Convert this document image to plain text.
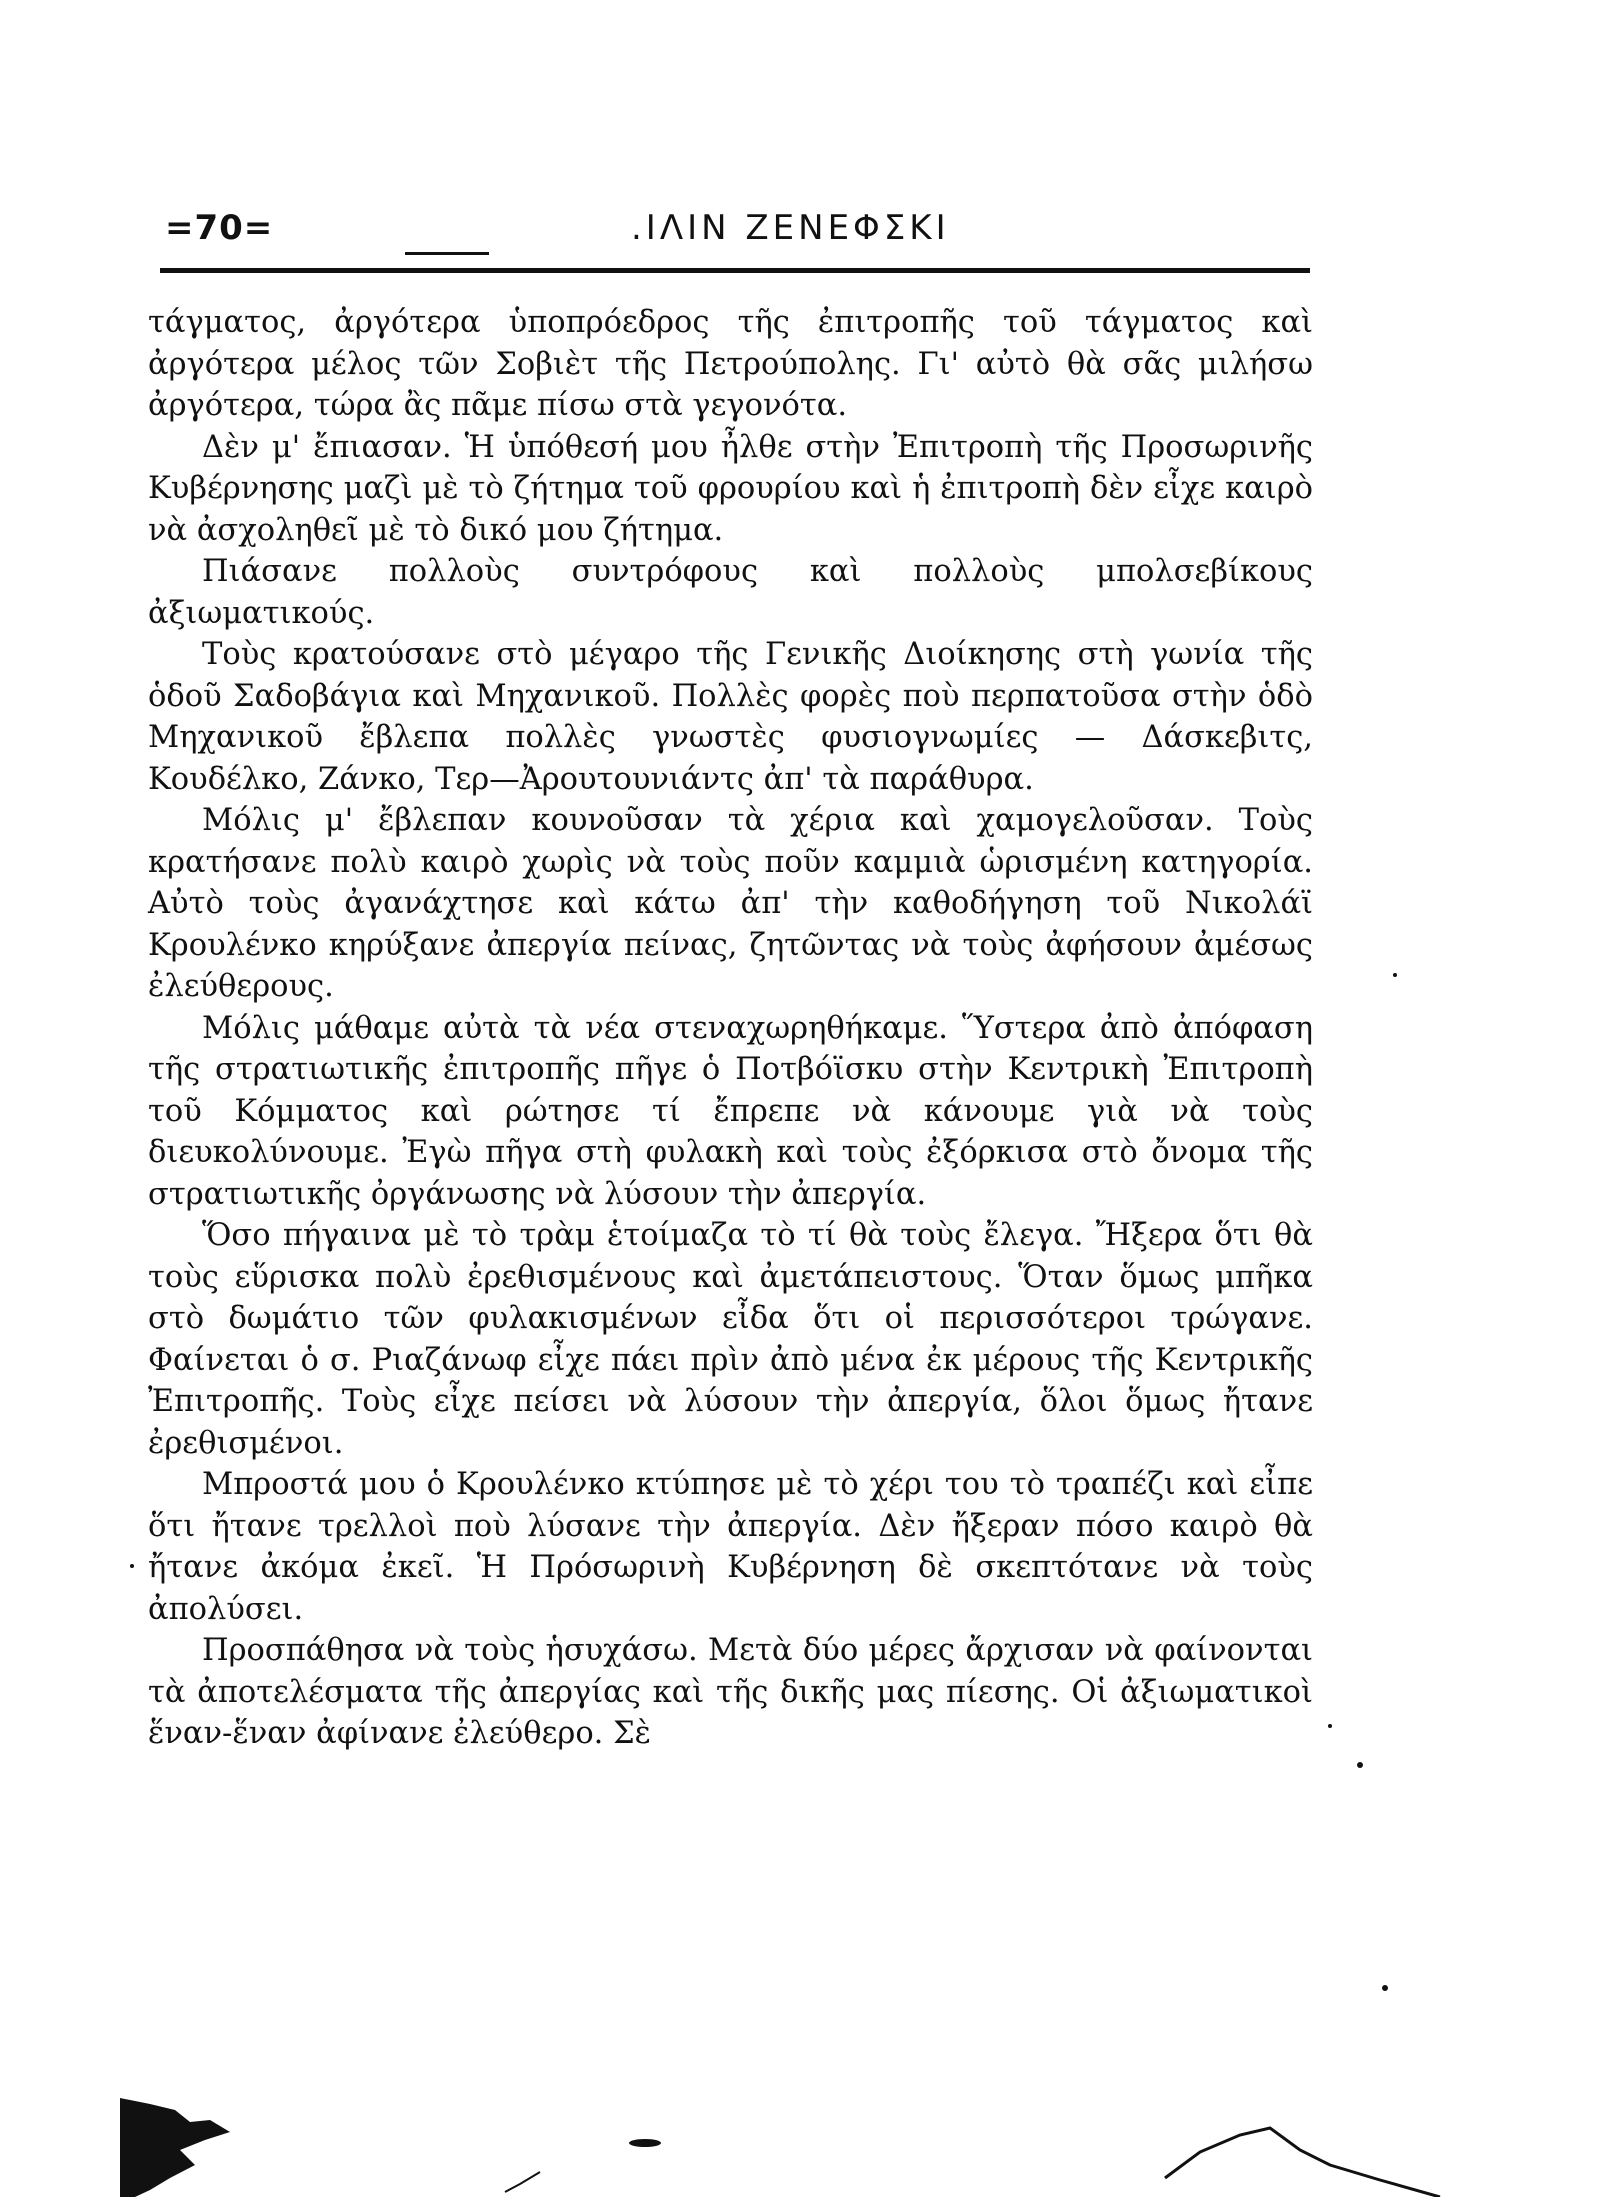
=70=	.ΙΛΙΝ ΖΕΝΕΦΣΚΙ

τάγματος, ἀργότερα ὑποπρόεδρος τῆς ἐπιτροπῆς τοῦ τάγματος καὶ ἀργότερα μέλος τῶν Σοβιὲτ τῆς Πετρούπολης. Γι' αὐτὸ θὰ σᾶς μιλήσω ἀργότερα, τώρα ἂς πᾶμε πίσω στὰ γεγονότα.

Δὲν μ' ἔπιασαν. Ἡ ὑπόθεσή μου ἦλθε στὴν Ἐπιτροπὴ τῆς Προσωρινῆς Κυβέρνησης μαζὶ μὲ τὸ ζήτημα τοῦ φρουρίου καὶ ἡ ἐπιτροπὴ δὲν εἶχε καιρὸ νὰ ἀσχοληθεῖ μὲ τὸ δικό μου ζήτημα.

Πιάσανε πολλοὺς συντρόφους καὶ πολλοὺς μπολσεβίκους ἀξιωματικούς.

Τοὺς κρατούσανε στὸ μέγαρο τῆς Γενικῆς Διοίκησης στὴ γωνία τῆς ὁδοῦ Σαδοβάγια καὶ Μηχανικοῦ. Πολλὲς φορὲς ποὺ περπατοῦσα στὴν ὁδὸ Μηχανικοῦ ἔβλεπα πολλὲς γνωστὲς φυσιογνωμίες — Δάσκεβιτς, Κουδέλκο, Ζάνκο, Τερ—Ἀρουτουνιάντς ἀπ' τὰ παράθυρα.

Μόλις μ' ἔβλεπαν κουνοῦσαν τὰ χέρια καὶ χαμογελοῦσαν. Τοὺς κρατήσανε πολὺ καιρὸ χωρὶς νὰ τοὺς ποῦν καμμιὰ ὡρισμένη κατηγορία. Αὐτὸ τοὺς ἀγανάχτησε καὶ κάτω ἀπ' τὴν καθοδήγηση τοῦ Νικολάϊ Κρουλένκο κηρύξανε ἀπεργία πείνας, ζητῶντας νὰ τοὺς ἀφήσουν ἀμέσως ἐλεύθερους.

Μόλις μάθαμε αὐτὰ τὰ νέα στεναχωρηθήκαμε. Ὕστερα ἀπὸ ἀπόφαση τῆς στρατιωτικῆς ἐπιτροπῆς πῆγε ὁ Ποτβόϊσκυ στὴν Κεντρικὴ Ἐπιτροπὴ τοῦ Κόμματος καὶ ρώτησε τί ἔπρεπε νὰ κάνουμε γιὰ νὰ τοὺς διευκολύνουμε. Ἐγὼ πῆγα στὴ φυλακὴ καὶ τοὺς ἐξόρκισα στὸ ὄνομα τῆς στρατιωτικῆς ὀργάνωσης νὰ λύσουν τὴν ἀπεργία.

Ὅσο πήγαινα μὲ τὸ τρὰμ ἑτοίμαζα τὸ τί θὰ τοὺς ἔλεγα. Ἤξερα ὅτι θὰ τοὺς εὕρισκα πολὺ ἐρεθισμένους καὶ ἀμετάπειστους. Ὅταν ὅμως μπῆκα στὸ δωμάτιο τῶν φυλακισμένων εἶδα ὅτι οἱ περισσότεροι τρώγανε. Φαίνεται ὁ σ. Ριαζάνωφ εἶχε πάει πρὶν ἀπὸ μένα ἐκ μέρους τῆς Κεντρικῆς Ἐπιτροπῆς. Τοὺς εἶχε πείσει νὰ λύσουν τὴν ἀπεργία, ὅλοι ὅμως ἤτανε ἐρεθισμένοι.

Μπροστά μου ὁ Κρουλένκο κτύπησε μὲ τὸ χέρι του τὸ τραπέζι καὶ εἶπε ὅτι ἤτανε τρελλοὶ ποὺ λύσανε τὴν ἀπεργία. Δὲν ἤξεραν πόσο καιρὸ θὰ ἤτανε ἀκόμα ἐκεῖ. Ἡ Πρόσωρινὴ Κυβέρνηση δὲ σκεπτότανε νὰ τοὺς ἀπολύσει.

Προσπάθησα νὰ τοὺς ἡσυχάσω. Μετὰ δύο μέρες ἄρχισαν νὰ φαίνονται τὰ ἀποτελέσματα τῆς ἀπεργίας καὶ τῆς δικῆς μας πίεσης. Οἱ ἀξιωματικοὶ ἕναν-ἕναν ἀφίνανε ἐλεύθερο. Σὲ
